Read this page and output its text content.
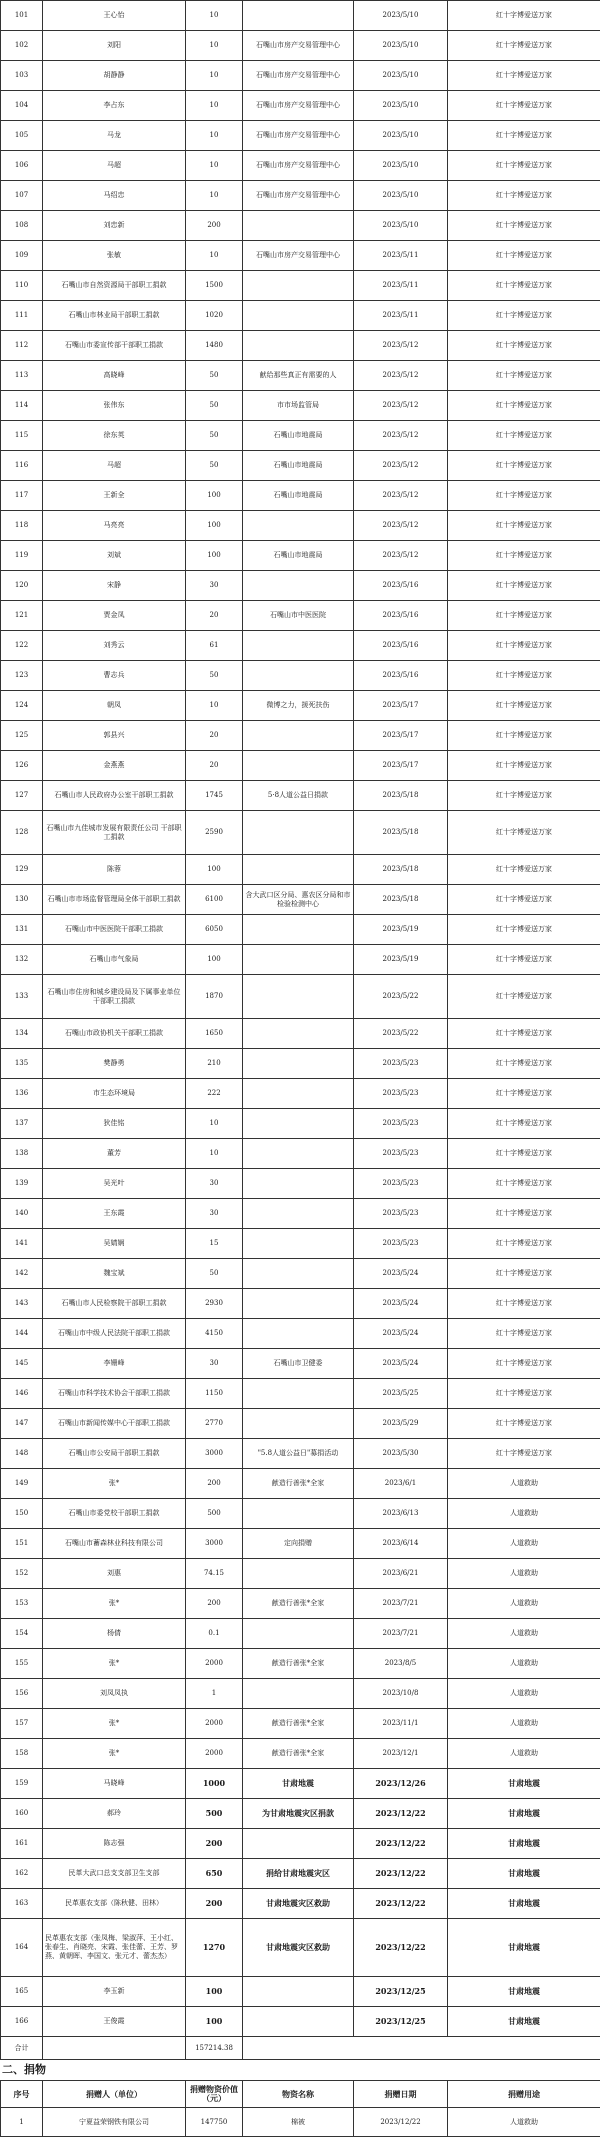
101	王心怡	10		2023/5/10	红十字博爱送万家
102	刘阳	10	石嘴山市房产交易管理中心	2023/5/10	红十字博爱送万家
103	胡静静	10	石嘴山市房产交易管理中心	2023/5/10	红十字博爱送万家
104	李占东	10	石嘴山市房产交易管理中心	2023/5/10	红十字博爱送万家
105	马龙	10	石嘴山市房产交易管理中心	2023/5/10	红十字博爱送万家
106	马超	10	石嘴山市房产交易管理中心	2023/5/10	红十字博爱送万家
107	马绍忠	10	石嘴山市房产交易管理中心	2023/5/10	红十字博爱送万家
108	刘忠新	200		2023/5/10	红十字博爱送万家
109	张敏	10	石嘴山市房产交易管理中心	2023/5/11	红十字博爱送万家
110	石嘴山市自然资源局干部职工捐款	1500		2023/5/11	红十字博爱送万家
111	石嘴山市林业局干部职工捐款	1020		2023/5/11	红十字博爱送万家
112	石嘴山市委宣传部干部职工捐款	1480		2023/5/12	红十字博爱送万家
113	高晓峰	50	献给那些真正有需要的人	2023/5/12	红十字博爱送万家
114	张伟东	50	市市场监管局	2023/5/12	红十字博爱送万家
115	徐东英	50	石嘴山市地震局	2023/5/12	红十字博爱送万家
116	马超	50	石嘴山市地震局	2023/5/12	红十字博爱送万家
117	王新全	100	石嘴山市地震局	2023/5/12	红十字博爱送万家
118	马亮亮	100		2023/5/12	红十字博爱送万家
119	刘斌	100	石嘴山市地震局	2023/5/12	红十字博爱送万家
120	宋静	30		2023/5/16	红十字博爱送万家
121	贾金凤	20	石嘴山市中医医院	2023/5/16	红十字博爱送万家
122	刘秀云	61		2023/5/16	红十字博爱送万家
123	曹志兵	50		2023/5/16	红十字博爱送万家
124	朝凤	10	微博之力，援死扶伤	2023/5/17	红十字博爱送万家
125	郭县兴	20		2023/5/17	红十字博爱送万家
126	金燕燕	20		2023/5/17	红十字博爱送万家
127	石嘴山市人民政府办公室干部职工捐款	1745	5·8人道公益日捐款	2023/5/18	红十字博爱送万家
128	石嘴山市九佳城市发展有限责任公司 干部职工捐款	2590		2023/5/18	红十字博爱送万家
129	陈蓉	100		2023/5/18	红十字博爱送万家
130	石嘴山市市场监督管理局全体干部职工捐款	6100	含大武口区分局、惠农区分局和市检验检测中心	2023/5/18	红十字博爱送万家
131	石嘴山市中医医院干部职工捐款	6050		2023/5/19	红十字博爱送万家
132	石嘴山市气象局	100		2023/5/19	红十字博爱送万家
133	石嘴山市住房和城乡建设局及下属事业单位干部职工捐款	1870		2023/5/22	红十字博爱送万家
134	石嘴山市政协机关干部职工捐款	1650		2023/5/22	红十字博爱送万家
135	樊静勇	210		2023/5/23	红十字博爱送万家
136	市生态环境局	222		2023/5/23	红十字博爱送万家
137	狄佳铭	10		2023/5/23	红十字博爱送万家
138	董芳	10		2023/5/23	红十字博爱送万家
139	吴光叶	30		2023/5/23	红十字博爱送万家
140	王东霞	30		2023/5/23	红十字博爱送万家
141	吴婧娴	15		2023/5/23	红十字博爱送万家
142	魏宝斌	50		2023/5/24	红十字博爱送万家
143	石嘴山市人民检察院干部职工捐款	2930		2023/5/24	红十字博爱送万家
144	石嘴山市中级人民法院干部职工捐款	4150		2023/5/24	红十字博爱送万家
145	李姗峰	30	石嘴山市卫健委	2023/5/24	红十字博爱送万家
146	石嘴山市科学技术协会干部职工捐款	1150		2023/5/25	红十字博爱送万家
147	石嘴山市新闻传媒中心干部职工捐款	2770		2023/5/29	红十字博爱送万家
148	石嘴山市公安局干部职工捐款	3000	"5.8人道公益日"募捐活动	2023/5/30	红十字博爱送万家
149	张*	200	献造行善张*全家	2023/6/1	人道救助
150	石嘴山市委党校干部职工捐款	500		2023/6/13	人道救助
151	石嘴山市蓄森林业科技有限公司	3000	定向捐赠	2023/6/14	人道救助
152	刘惠	74.15		2023/6/21	人道救助
153	张*	200	献造行善张*全家	2023/7/21	人道救助
154	杨倩	0.1		2023/7/21	人道救助
155	张*	2000	献造行善张*全家	2023/8/5	人道救助
156	刘凤凤执	1		2023/10/8	人道救助
157	张*	2000	献造行善张*全家	2023/11/1	人道救助
158	张*	2000	献造行善张*全家	2023/12/1	人道救助
159	马晓峰	1000	甘肃地震	2023/12/26	甘肃地震
160	郝玲	500	为甘肃地震灾区捐款	2023/12/22	甘肃地震
161	陈志强	200		2023/12/22	甘肃地震
162	民革大武口总支支部卫生支部	650	捐给甘肃地震灾区	2023/12/22	甘肃地震
163	民革惠农支部（陈秋健、田林）	200	甘肃地震灾区救助	2023/12/22	甘肃地震
164	民革惠农支部（张凤梅、梁淑萍、王小红、张春生、肖晓亮、宋霞、张佳蕾、王芳、罗燕、黄朝晖、李国文、张元才、蕾杰杰）	1270	甘肃地震灾区救助	2023/12/22	甘肃地震
165	李玉新	100		2023/12/25	甘肃地震
166	王俊霞	100		2023/12/25	甘肃地震
合计		157214.38			
二、捐物
序号	捐赠人（单位）	捐赠物资价值（元）	物资名称	捐赠日期	捐赠用途
1	宁夏益荣钢铁有限公司	147750	棉被	2023/12/22	人道救助
